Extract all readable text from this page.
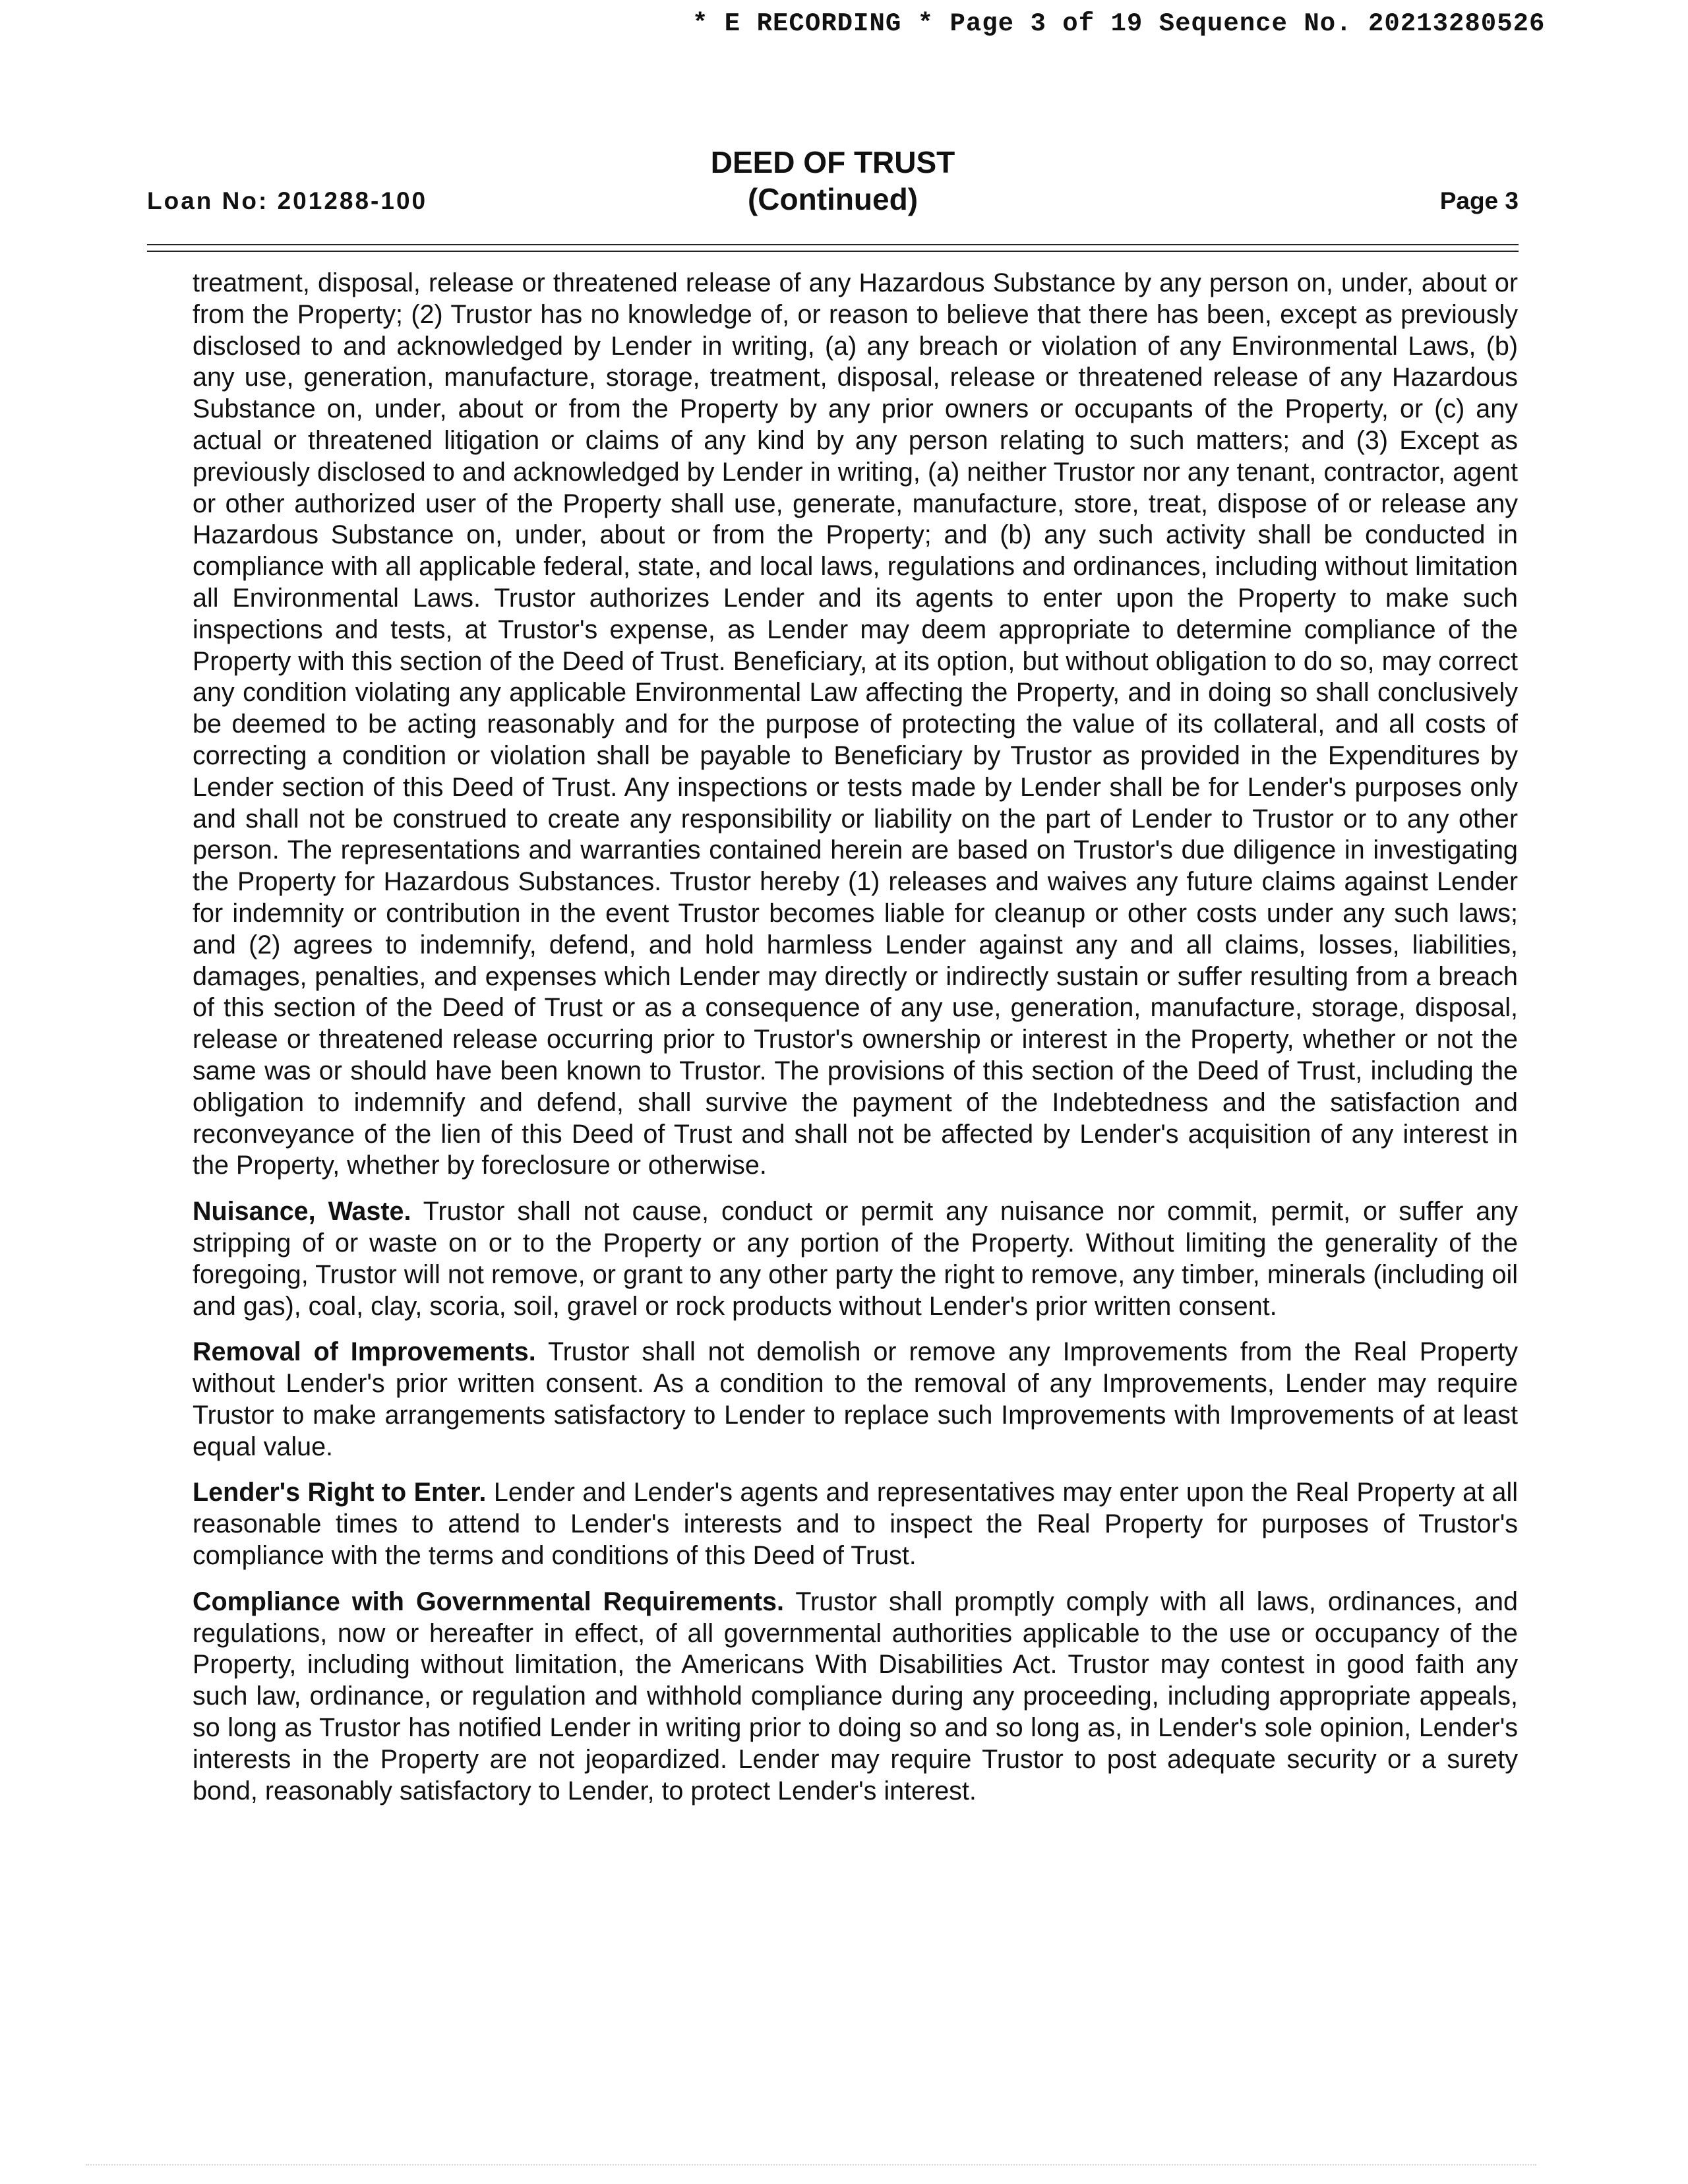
* E RECORDING * Page 3 of 19 Sequence No. 20213280526
Loan No: 201288-100
DEED OF TRUST
(Continued)	Page 3

treatment, disposal, release or threatened release of any Hazardous Substance by any person on, under, about or from the Property; (2) Trustor has no knowledge of, or reason to believe that there has been, except as previously disclosed to and acknowledged by Lender in writing, (a) any breach or violation of any Environmental Laws, (b) any use, generation, manufacture, storage, treatment, disposal, release or threatened release of any Hazardous Substance on, under, about or from the Property by any prior owners or occupants of the Property, or (c) any actual or threatened litigation or claims of any kind by any person relating to such matters; and (3) Except as previously disclosed to and acknowledged by Lender in writing, (a) neither Trustor nor any tenant, contractor, agent or other authorized user of the Property shall use, generate, manufacture, store, treat, dispose of or release any Hazardous Substance on, under, about or from the Property; and (b) any such activity shall be conducted in compliance with all applicable federal, state, and local laws, regulations and ordinances, including without limitation all Environmental Laws. Trustor authorizes Lender and its agents to enter upon the Property to make such inspections and tests, at Trustor's expense, as Lender may deem appropriate to determine compliance of the Property with this section of the Deed of Trust. Beneficiary, at its option, but without obligation to do so, may correct any condition violating any applicable Environmental Law affecting the Property, and in doing so shall conclusively be deemed to be acting reasonably and for the purpose of protecting the value of its collateral, and all costs of correcting a condition or violation shall be payable to Beneficiary by Trustor as provided in the Expenditures by Lender section of this Deed of Trust. Any inspections or tests made by Lender shall be for Lender's purposes only and shall not be construed to create any responsibility or liability on the part of Lender to Trustor or to any other person. The representations and warranties contained herein are based on Trustor's due diligence in investigating the Property for Hazardous Substances. Trustor hereby (1) releases and waives any future claims against Lender for indemnity or contribution in the event Trustor becomes liable for cleanup or other costs under any such laws; and (2) agrees to indemnify, defend, and hold harmless Lender against any and all claims, losses, liabilities, damages, penalties, and expenses which Lender may directly or indirectly sustain or suffer resulting from a breach of this section of the Deed of Trust or as a consequence of any use, generation, manufacture, storage, disposal, release or threatened release occurring prior to Trustor's ownership or interest in the Property, whether or not the same was or should have been known to Trustor. The provisions of this section of the Deed of Trust, including the obligation to indemnify and defend, shall survive the payment of the Indebtedness and the satisfaction and reconveyance of the lien of this Deed of Trust and shall not be affected by Lender's acquisition of any interest in the Property, whether by foreclosure or otherwise.

Nuisance, Waste. Trustor shall not cause, conduct or permit any nuisance nor commit, permit, or suffer any stripping of or waste on or to the Property or any portion of the Property. Without limiting the generality of the foregoing, Trustor will not remove, or grant to any other party the right to remove, any timber, minerals (including oil and gas), coal, clay, scoria, soil, gravel or rock products without Lender's prior written consent.

Removal of Improvements. Trustor shall not demolish or remove any Improvements from the Real Property without Lender's prior written consent. As a condition to the removal of any Improvements, Lender may require Trustor to make arrangements satisfactory to Lender to replace such Improvements with Improvements of at least equal value.

Lender's Right to Enter. Lender and Lender's agents and representatives may enter upon the Real Property at all reasonable times to attend to Lender's interests and to inspect the Real Property for purposes of Trustor's compliance with the terms and conditions of this Deed of Trust.

Compliance with Governmental Requirements. Trustor shall promptly comply with all laws, ordinances, and regulations, now or hereafter in effect, of all governmental authorities applicable to the use or occupancy of the Property, including without limitation, the Americans With Disabilities Act. Trustor may contest in good faith any such law, ordinance, or regulation and withhold compliance during any proceeding, including appropriate appeals, so long as Trustor has notified Lender in writing prior to doing so and so long as, in Lender's sole opinion, Lender's interests in the Property are not jeopardized. Lender may require Trustor to post adequate security or a surety bond, reasonably satisfactory to Lender, to protect Lender's interest.
